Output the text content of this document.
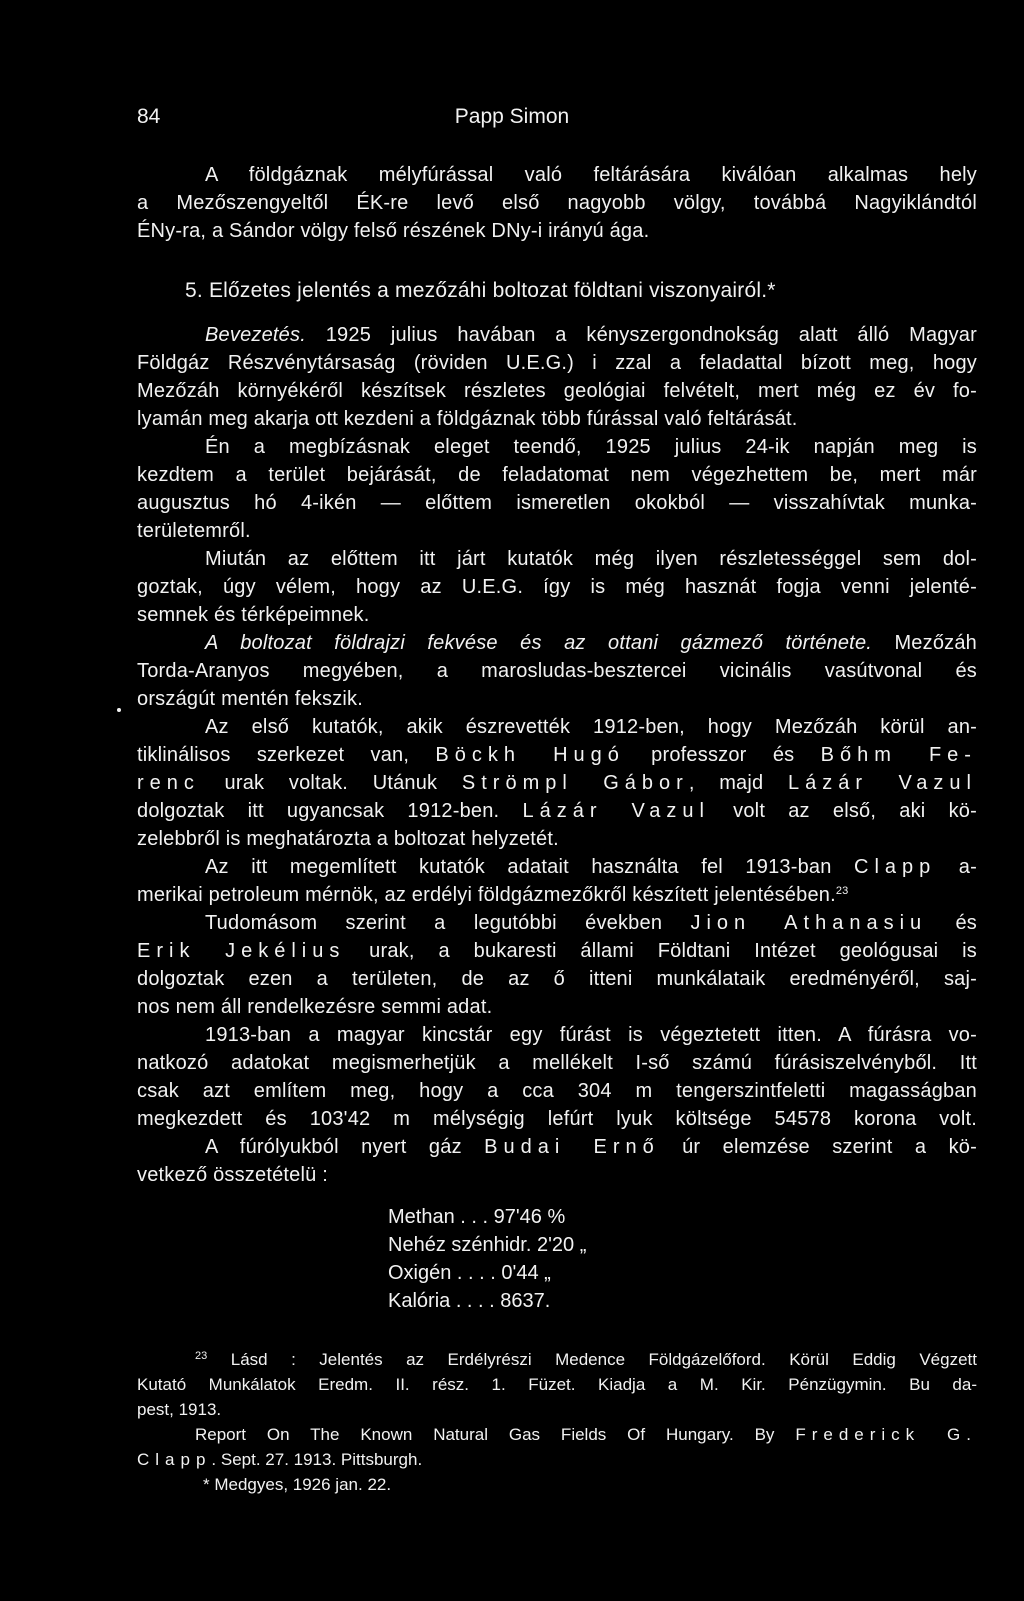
84	Papp Simon
A földgáznak mélyfúrással való feltárására kiválóan alkalmas hely
a Mezőszengyeltől ÉK-re levő első nagyobb völgy, továbbá Nagyiklándtól
ÉNy-ra, a Sándor völgy felső részének DNy-i irányú ága.
5. Előzetes jelentés a mezőzáhi boltozat földtani viszonyairól.*
Bevezetés. 1925 julius havában a kényszergondnokság alatt álló Magyar
Földgáz Részvénytársaság (röviden U.E.G.) i zzal a feladattal bízott meg, hogy
Mezőzáh környékéről készítsek részletes geológiai felvételt, mert még ez év fo-
lyamán meg akarja ott kezdeni a földgáznak több fúrással való feltárását.
Én a megbízásnak eleget teendő, 1925 julius 24-ik napján meg is
kezdtem a terület bejárását, de feladatomat nem végezhettem be, mert már
augusztus hó 4-ikén — előttem ismeretlen okokból — visszahívtak munka-
területemről.
Miután az előttem itt járt kutatók még ilyen részletességgel sem dol-
goztak, úgy vélem, hogy az U.E.G. így is még hasznát fogja venni jelenté-
semnek és térképeimnek.
A boltozat földrajzi fekvése és az ottani gázmező története. Mezőzáh
Torda-Aranyos megyében, a marosludas-besztercei vicinális vasútvonal és
országút mentén fekszik.
Az első kutatók, akik észrevették 1912-ben, hogy Mezőzáh körül an-
tiklinálisos szerkezet van, Böckh Hugó professzor és Bőhm Fe-
renc urak voltak. Utánuk Strömpl Gábor, majd Lázár Vazul
dolgoztak itt ugyancsak 1912-ben. Lázár Vazul volt az első, aki kö-
zelebbről is meghatározta a boltozat helyzetét.
Az itt megemlített kutatók adatait használta fel 1913-ban Clapp a-
merikai petroleum mérnök, az erdélyi földgázmezőkről készített jelentésében.$^{23}$
Tudomásom szerint a legutóbbi években Jion Athanasiu és
Erik Jekélius urak, a bukaresti állami Földtani Intézet geológusai is
dolgoztak ezen a területen, de az ő itteni munkálataik eredményéről, saj-
nos nem áll rendelkezésre semmi adat.
1913-ban a magyar kincstár egy fúrást is végeztetett itten. A fúrásra vo-
natkozó adatokat megismerhetjük a mellékelt I-ső számú fúrásiszelvényből. Itt
csak azt említem meg, hogy a cca 304 m tengerszintfeletti magasságban
megkezdett és 103'42 m mélységig lefúrt lyuk költsége 54578 korona volt.
A fúrólyukból nyert gáz Budai Ernő úr elemzése szerint a kö-
vetkező összetételü :
Methan . . . 97'46 %
Nehéz szénhidr. 2'20 „
Oxigén . . . . 0'44 „
Kalória . . . . 8637.
$^{23}$ Lásd : Jelentés az Erdélyrészi Medence Földgázelőford. Körül Eddig Végzett
Kutató Munkálatok Eredm. II. rész. 1. Füzet. Kiadja a M. Kir. Pénzügymin. Bu da-
pest, 1913.
Report On The Known Natural Gas Fields Of Hungary. By Frederick G.
Clapp. Sept. 27. 1913. Pittsburgh.
* Medgyes, 1926 jan. 22.
